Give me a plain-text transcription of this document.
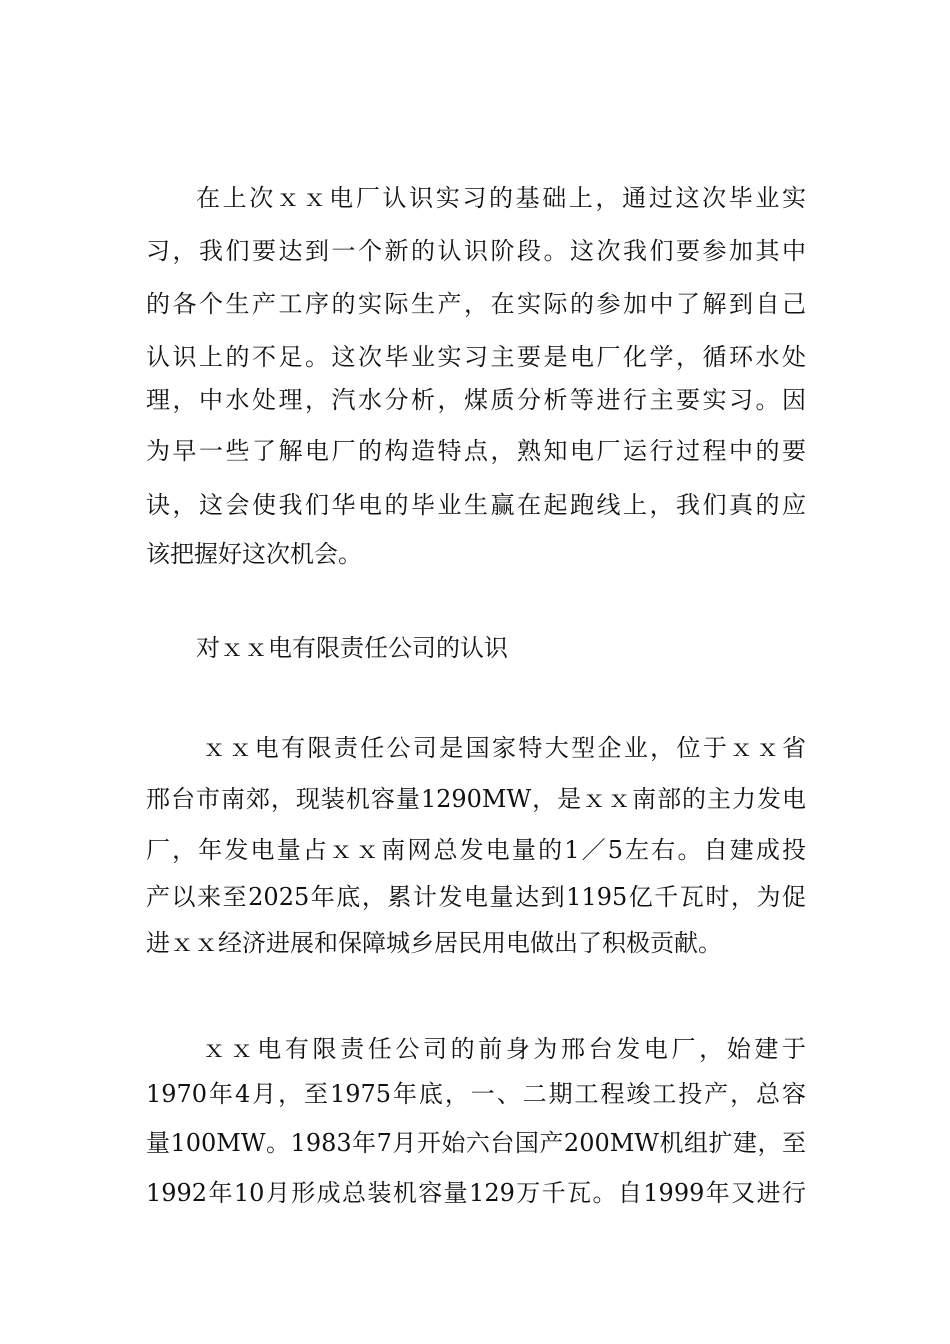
在上次ｘｘ电厂认识实习的基础上，通过这次毕业实
习，我们要达到一个新的认识阶段。这次我们要参加其中
的各个生产工序的实际生产，在实际的参加中了解到自己
认识上的不足。这次毕业实习主要是电厂化学，循环水处
理，中水处理，汽水分析，煤质分析等进行主要实习。因
为早一些了解电厂的构造特点，熟知电厂运行过程中的要
诀，这会使我们华电的毕业生赢在起跑线上，我们真的应
该把握好这次机会。
对ｘｘ电有限责任公司的认识
ｘｘ电有限责任公司是国家特大型企业，位于ｘｘ省
邢台市南郊，现装机容量1290MW，是ｘｘ南部的主力发电
厂，年发电量占ｘｘ南网总发电量的1／5左右。自建成投
产以来至2025年底，累计发电量达到1195亿千瓦时，为促
进ｘｘ经济进展和保障城乡居民用电做出了积极贡献。
ｘｘ电有限责任公司的前身为邢台发电厂，始建于
1970年4月，至1975年底，一、二期工程竣工投产，总容
量100MW。1983年7月开始六台国产200MW机组扩建，至
1992年10月形成总装机容量129万千瓦。自1999年又进行
